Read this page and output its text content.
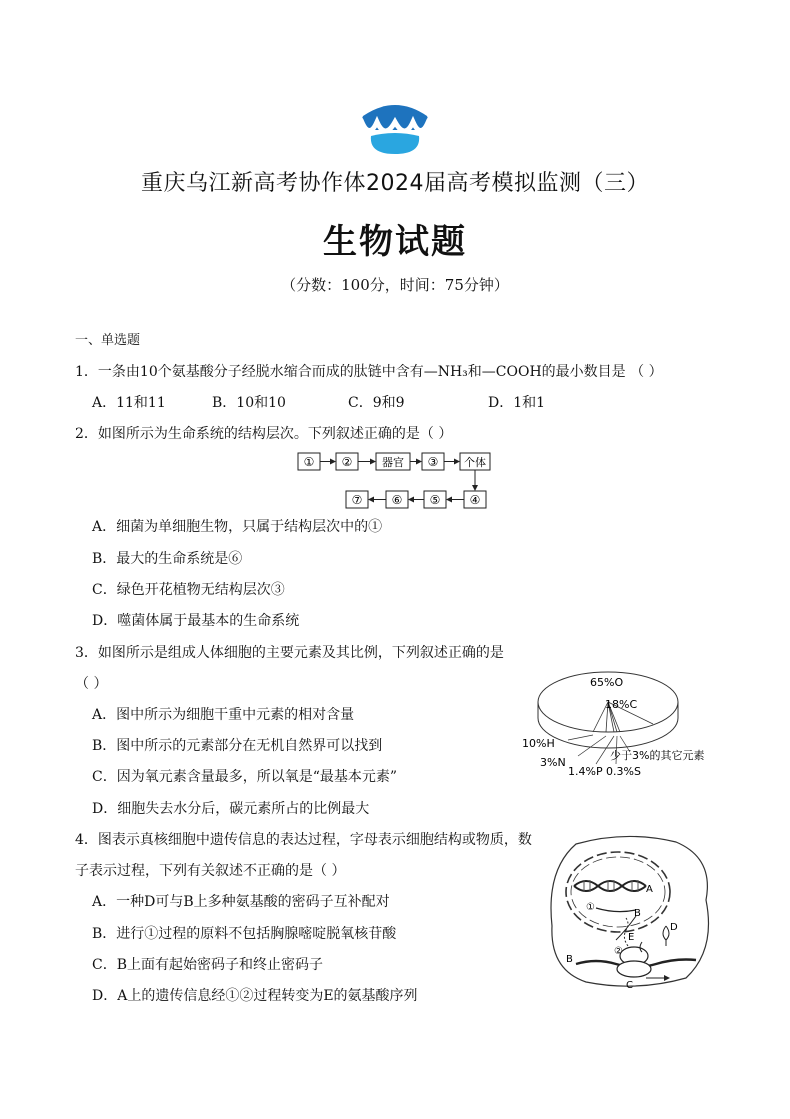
重庆乌江新高考协作体2024届高考模拟监测（三）
生物试题
（分数：100分，时间：75分钟）
一、单选题
1．一条由10个氨基酸分子经脱水缩合而成的肽链中含有—NH₃和—COOH的最小数目是 （ ）
A．11和11	B．10和10	C．9和9	D．1和1
2．如图所示为生命系统的结构层次。下列叙述正确的是（ ）
① ②	器官 ③ 个体
⑦ ⑥ ⑤ ④
A．细菌为单细胞生物，只属于结构层次中的①
B．最大的生命系统是⑥
C．绿色开花植物无结构层次③
D．噬菌体属于最基本的生命系统
3．如图所示是组成人体细胞的主要元素及其比例，下列叙述正确的是
（ ）
A．图中所示为细胞干重中元素的相对含量
B．图中所示的元素部分在无机自然界可以找到
C．因为氧元素含量最多，所以氧是“最基本元素”
D．细胞失去水分后，碳元素所占的比例最大
65%O
18%C
10%H
3%N
1.4%P 0.3%S
少于3%的其它元素
4．图表示真核细胞中遗传信息的表达过程，字母表示细胞结构或物质，数
子表示过程，下列有关叙述不正确的是（ ）
A．一种D可与B上多种氨基酸的密码子互补配对
B．进行①过程的原料不包括胸腺嘧啶脱氧核苷酸
C．B上面有起始密码子和终止密码子
D．A上的遗传信息经①②过程转变为E的氨基酸序列
A
B
①
D
E
②
B
C
